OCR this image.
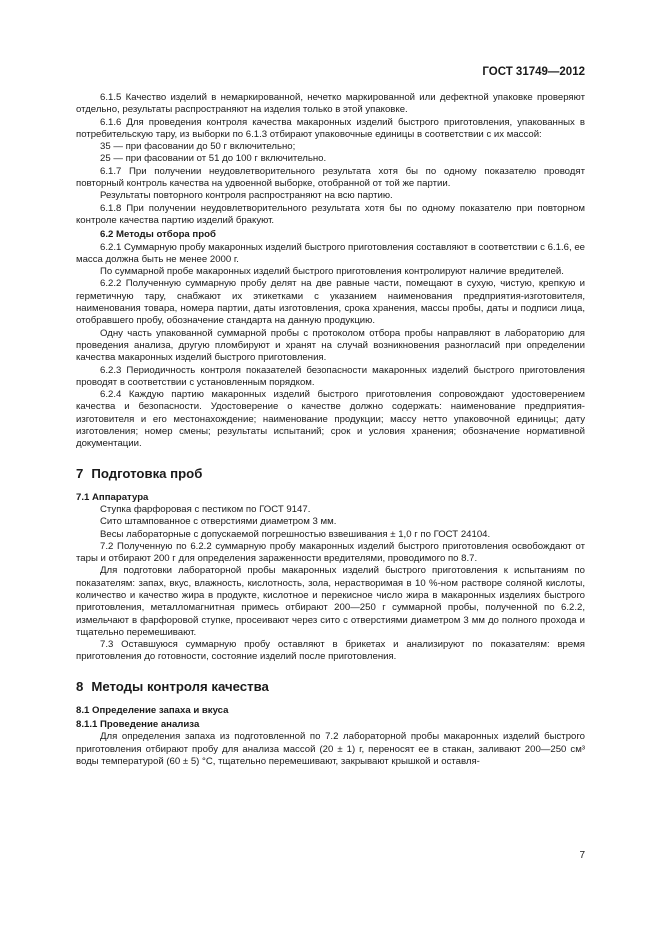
ГОСТ 31749—2012

6.1.5 Качество изделий в немаркированной, нечетко маркированной или дефектной упаковке проверяют отдельно, результаты распространяют на изделия только в этой упаковке.

6.1.6 Для проведения контроля качества макаронных изделий быстрого приготовления, упакованных в потребительскую тару, из выборки по 6.1.3 отбирают упаковочные единицы в соответствии с их массой:

35 — при фасовании до 50 г включительно;

25 — при фасовании от 51 до 100 г включительно.

6.1.7 При получении неудовлетворительного результата хотя бы по одному показателю проводят повторный контроль качества на удвоенной выборке, отобранной от той же партии.

Результаты повторного контроля распространяют на всю партию.

6.1.8 При получении неудовлетворительного результата хотя бы по одному показателю при повторном контроле качества партию изделий бракуют.

6.2 Методы отбора проб

6.2.1 Суммарную пробу макаронных изделий быстрого приготовления составляют в соответствии с 6.1.6, ее масса должна быть не менее 2000 г.

По суммарной пробе макаронных изделий быстрого приготовления контролируют наличие вредителей.

6.2.2 Полученную суммарную пробу делят на две равные части, помещают в сухую, чистую, крепкую и герметичную тару, снабжают их этикетками с указанием наименования предприятия-изготовителя, наименования товара, номера партии, даты изготовления, срока хранения, массы пробы, даты и подписи лица, отобравшего пробу, обозначение стандарта на данную продукцию.

Одну часть упакованной суммарной пробы с протоколом отбора пробы направляют в лабораторию для проведения анализа, другую пломбируют и хранят на случай возникновения разногласий при определении качества макаронных изделий быстрого приготовления.

6.2.3 Периодичность контроля показателей безопасности макаронных изделий быстрого приготовления проводят в соответствии с установленным порядком.

6.2.4 Каждую партию макаронных изделий быстрого приготовления сопровождают удостоверением качества и безопасности. Удостоверение о качестве должно содержать: наименование предприятия-изготовителя и его местонахождение; наименование продукции; массу нетто упаковочной единицы; дату изготовления; номер смены; результаты испытаний; срок и условия хранения; обозначение нормативной документации.

7 Подготовка проб

7.1 Аппаратура

Ступка фарфоровая с пестиком по ГОСТ 9147.

Сито штампованное с отверстиями диаметром 3 мм.

Весы лабораторные с допускаемой погрешностью взвешивания ± 1,0 г по ГОСТ 24104.

7.2 Полученную по 6.2.2 суммарную пробу макаронных изделий быстрого приготовления освобождают от тары и отбирают 200 г для определения зараженности вредителями, проводимого по 8.7.

Для подготовки лабораторной пробы макаронных изделий быстрого приготовления к испытаниям по показателям: запах, вкус, влажность, кислотность, зола, нерастворимая в 10 %-ном растворе соляной кислоты, количество и качество жира в продукте, кислотное и перекисное число жира в макаронных изделиях быстрого приготовления, металломагнитная примесь отбирают 200—250 г суммарной пробы, полученной по 6.2.2, измельчают в фарфоровой ступке, просеивают через сито с отверстиями диаметром 3 мм до полного прохода и тщательно перемешивают.

7.3 Оставшуюся суммарную пробу оставляют в брикетах и анализируют по показателям: время приготовления до готовности, состояние изделий после приготовления.

8 Методы контроля качества

8.1 Определение запаха и вкуса

8.1.1 Проведение анализа

Для определения запаха из подготовленной по 7.2 лабораторной пробы макаронных изделий быстрого приготовления отбирают пробу для анализа массой (20 ± 1) г, переносят ее в стакан, заливают 200—250 см³ воды температурой (60 ± 5) °С, тщательно перемешивают, закрывают крышкой и оставля-

7
